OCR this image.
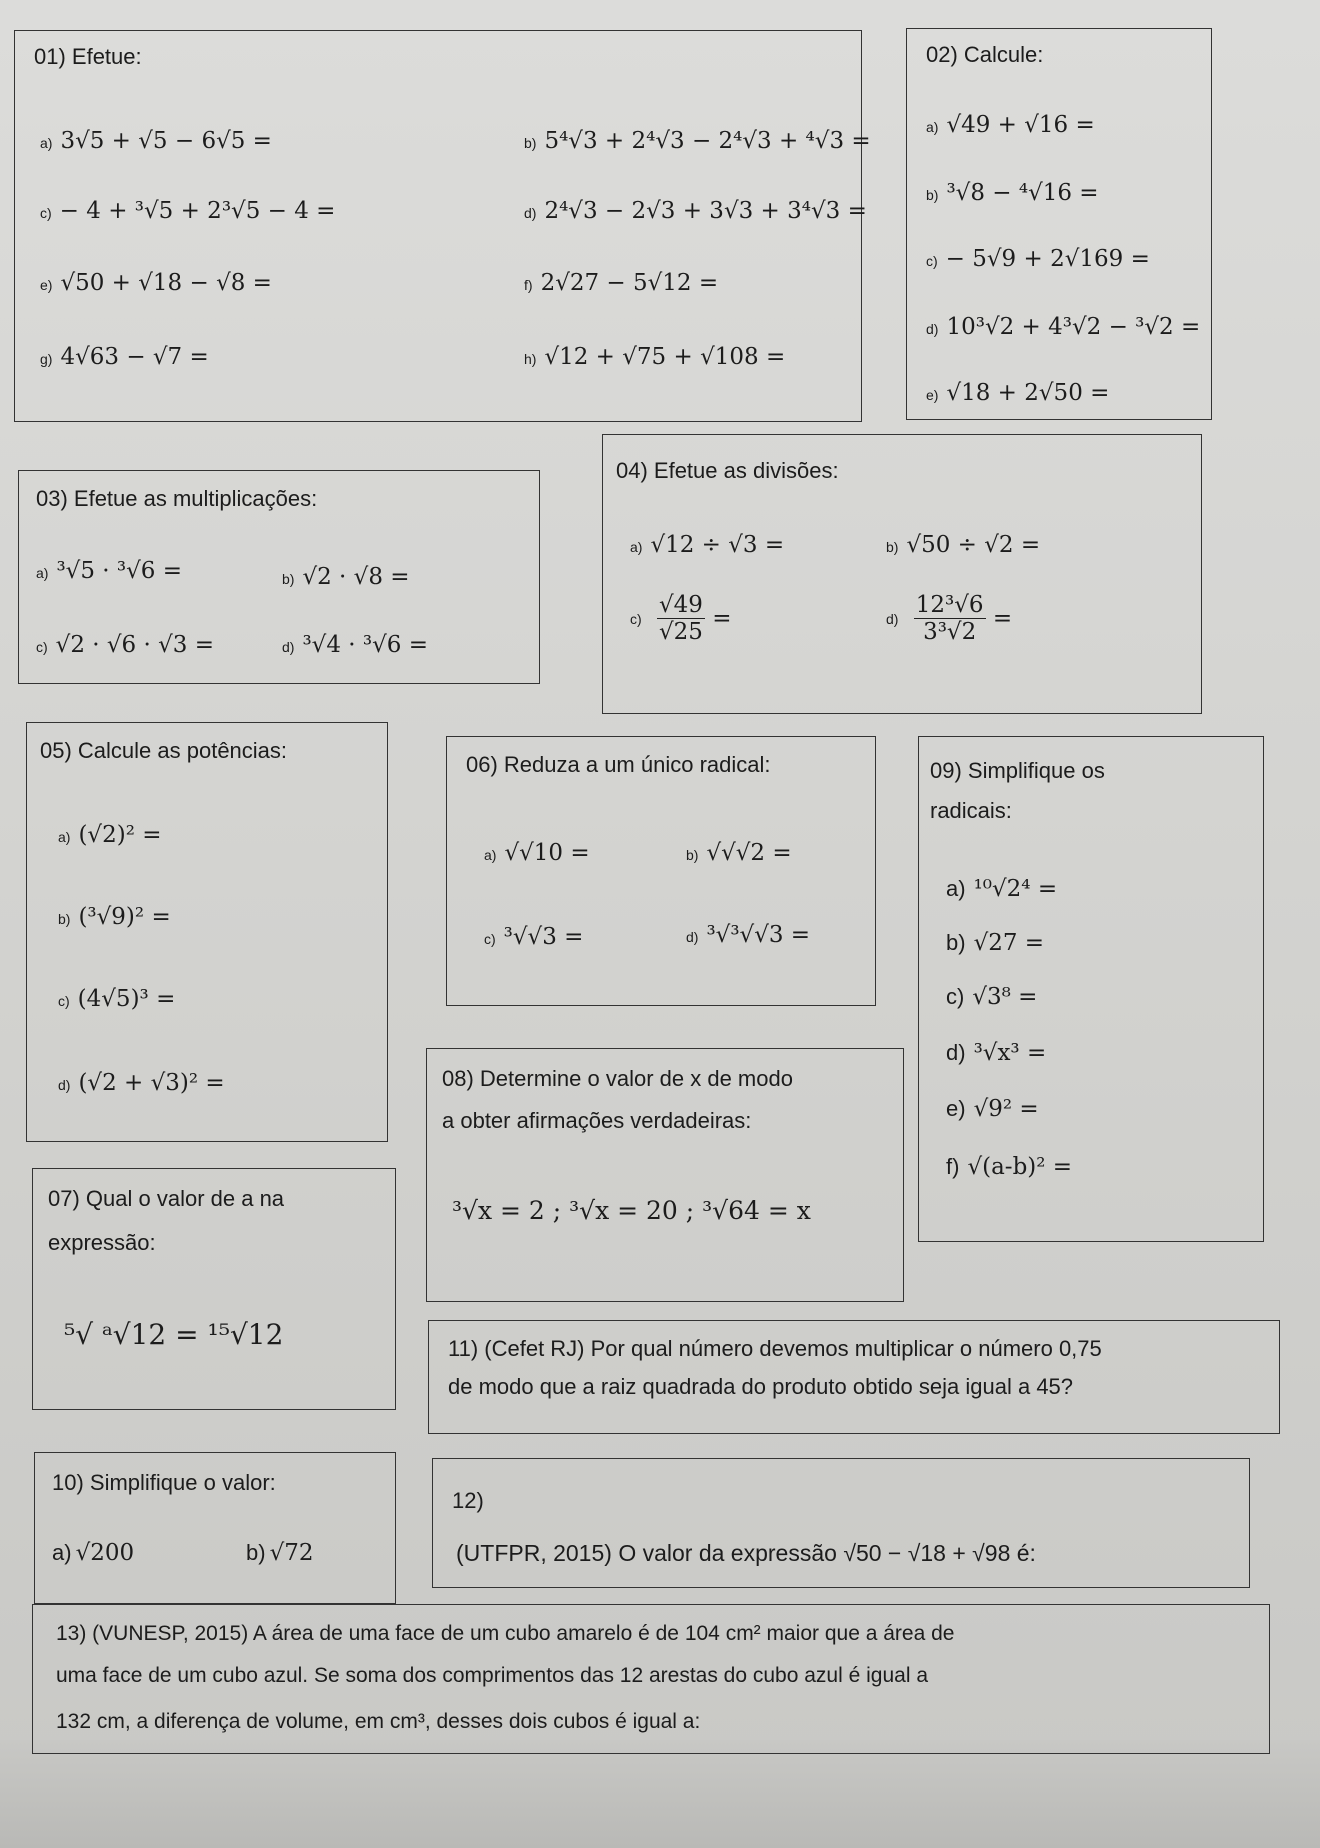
01) Efetue:
a) 3√5 + √5 − 6√5 =	b) 5⁴√3 + 2⁴√3 − 2⁴√3 + ⁴√3 =
c) − 4 + ³√5 + 2³√5 − 4 =	d) 2⁴√3 − 2√3 + 3√3 + 3⁴√3 =
e) √50 + √18 − √8 =	f) 2√27 − 5√12 =
g) 4√63 − √7 =	h) √12 + √75 + √108 =
02) Calcule:
a) √49 + √16 =
b) ³√8 − ⁴√16 =
c) − 5√9 + 2√169 =
d) 10³√2 + 4³√2 − ³√2 =
e) √18 + 2√50 =
03) Efetue as multiplicações:
a) ³√5 · ³√6 =	b) √2 · √8 =
c) √2 · √6 · √3 =	d) ³√4 · ³√6 =
04) Efetue as divisões:
a) √12 ÷ √3 =	b) √50 ÷ √2 =
$c) \frac{√49}{√25}$ =	$d) \frac{\text{12³√6}}{\text{3³√2}}$ =
05) Calcule as potências:
a) (√2)² =
b) (³√9)² =
c) (4√5)³ =
d) (√2 + √3)² =
06) Reduza a um único radical:
a) √√10 =	b) √√√2 =
c) ³√√3 =	d) ³√³√√3 =
09) Simplifique os
radicais:
a) ¹⁰√2⁴ =
b) √27 =
c) √3⁸ =
d) ³√x³ =
e) √9² =
f) √(a-b)² =
08) Determine o valor de x de modo
a obter afirmações verdadeiras:
³√x = 2 ; ³√x = 20 ; ³√64 = x
07) Qual o valor de a na
expressão:
⁵√ ᵃ√12 = ¹⁵√12	11) (Cefet RJ) Por qual número devemos multiplicar o número 0,75
de modo que a raiz quadrada do produto obtido seja igual a 45?
10) Simplifique o valor:
a) √200	b) √72
12)
(UTFPR, 2015) O valor da expressão √50 − √18 + √98 é:
13) (VUNESP, 2015) A área de uma face de um cubo amarelo é de 104 cm² maior que a área de
uma face de um cubo azul. Se soma dos comprimentos das 12 arestas do cubo azul é igual a
132 cm, a diferença de volume, em cm³, desses dois cubos é igual a:
